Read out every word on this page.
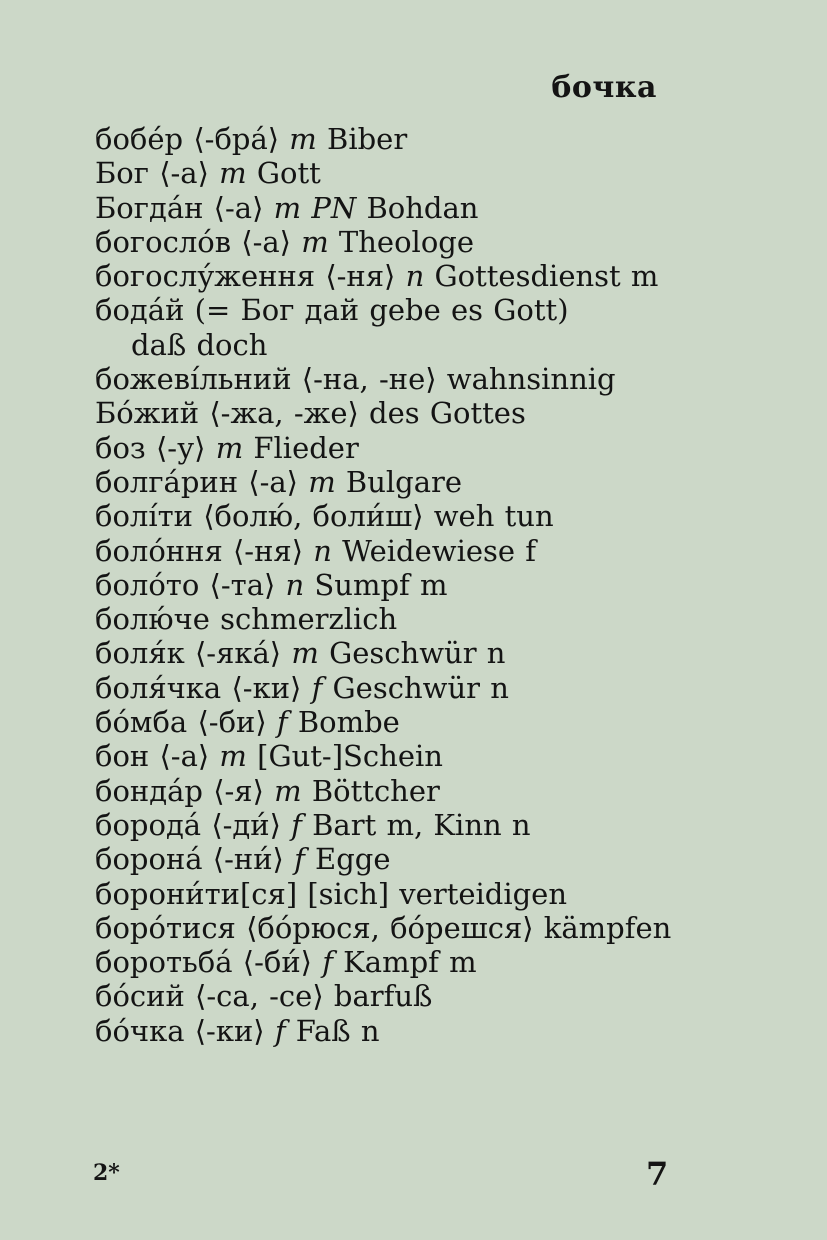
бочка
бобе́р ⟨-бра́⟩ m Biber
Бог ⟨-а⟩ m Gott
Богда́н ⟨-а⟩ m PN Bohdan
богосло́в ⟨-а⟩ m Theologe
богослу́ження ⟨-ня⟩ n Gottesdienst m
бода́й (= Бог дай gebe es Gott) daß doch
божеві́льний ⟨-на, -не⟩ wahnsinnig
Бо́жий ⟨-жа, -же⟩ des Gottes
боз ⟨-у⟩ m Flieder
болга́рин ⟨-а⟩ m Bulgare
болі́ти ⟨болю́, боли́ш⟩ weh tun
боло́ння ⟨-ня⟩ n Weidewiese f
боло́то ⟨-та⟩ n Sumpf m
болю́че schmerzlich
боля́к ⟨-яка́⟩ m Geschwür n
боля́чка ⟨-ки⟩ f Geschwür n
бо́мба ⟨-би⟩ f Bombe
бон ⟨-а⟩ m [Gut-]Schein
бонда́р ⟨-я⟩ m Böttcher
борода́ ⟨-ди́⟩ f Bart m, Kinn n
борона́ ⟨-ни́⟩ f Egge
борони́ти[ся] [sich] verteidigen
боро́тися ⟨бо́рюся, бо́решся⟩ kämpfen
боротьба́ ⟨-би́⟩ f Kampf m
бо́сий ⟨-са, -се⟩ barfuß
бо́чка ⟨-ки⟩ f Faß n
2*	7
